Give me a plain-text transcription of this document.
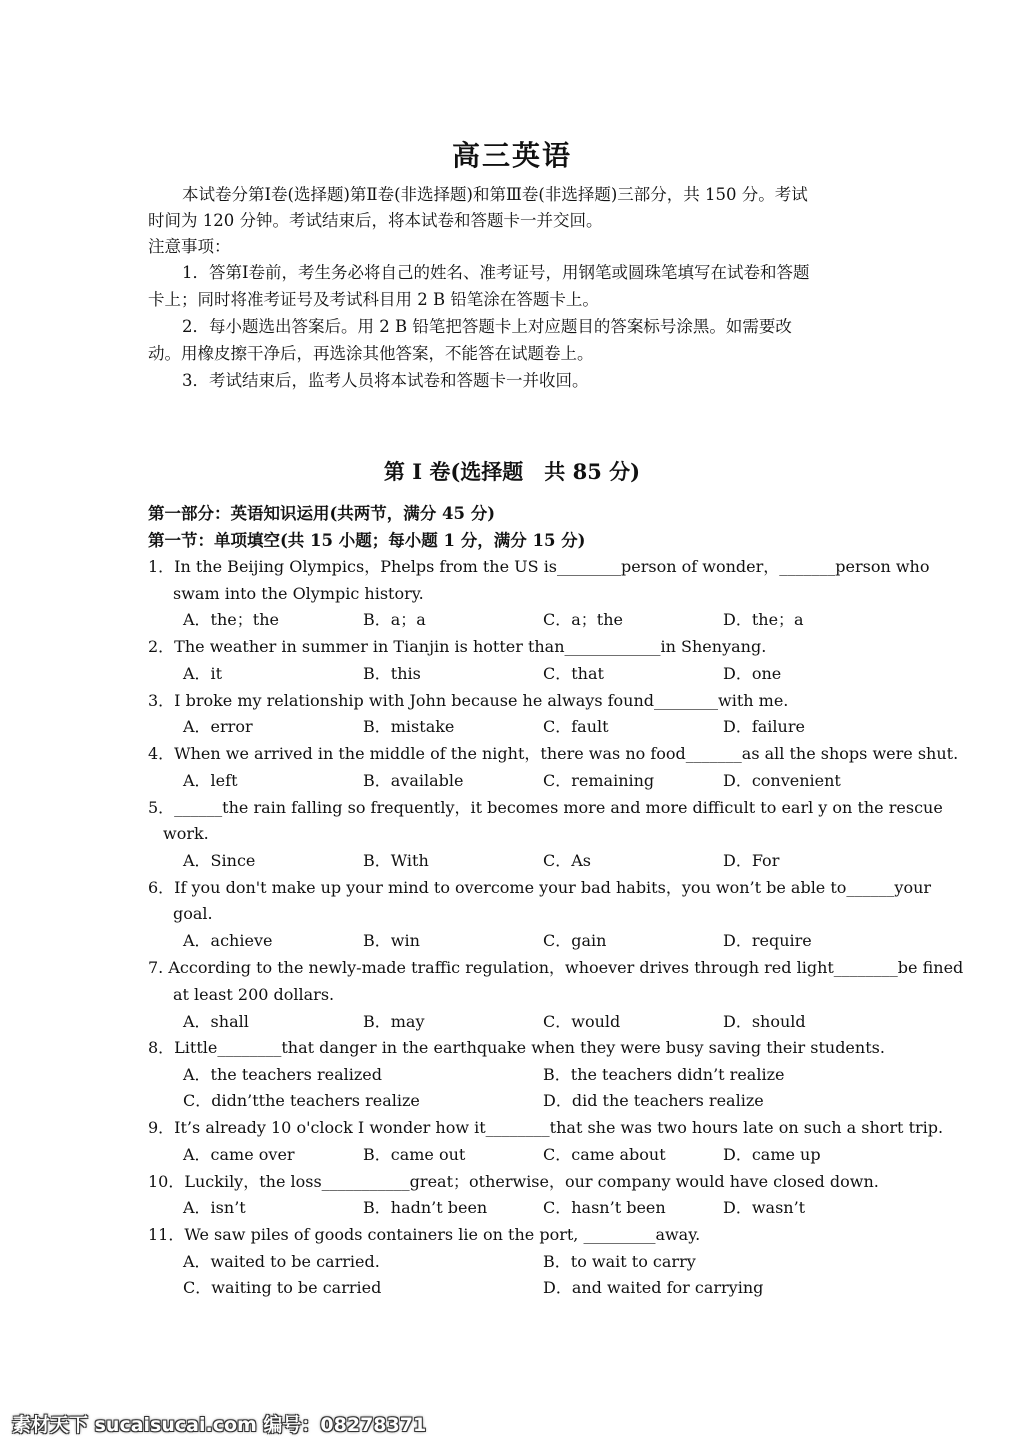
高三英语
本试卷分第Ⅰ卷(选择题)第Ⅱ卷(非选择题)和第Ⅲ卷(非选择题)三部分，共 150 分。考试
时间为 120 分钟。考试结束后，将本试卷和答题卡一并交回。
注意事项：
1．答第Ⅰ卷前，考生务必将自己的姓名、准考证号，用钢笔或圆珠笔填写在试卷和答题
卡上；同时将准考证号及考试科目用 2 B 铅笔涂在答题卡上。
2．每小题选出答案后。用 2 B 铅笔把答题卡上对应题目的答案标号涂黑。如需要改
动。用橡皮擦干净后，再选涂其他答案，不能答在试题卷上。
3．考试结束后，监考人员将本试卷和答题卡一并收回。
第 I 卷(选择题　共 85 分)
第一部分：英语知识运用(共两节，满分 45 分)
第一节：单项填空(共 15 小题；每小题 1 分，满分 15 分)
1．In the Beijing Olympics，Phelps from the US is________person of wonder，_______person who
swam into the Olympic history.
A．the；the	B．a；a	C．a；the	D．the；a
2．The weather in summer in Tianjin is hotter than____________in Shenyang.
A．it	B．this	C．that	D．one
3．I broke my relationship with John because he always found________with me.
A．error	B．mistake	C．fault	D．failure
4．When we arrived in the middle of the night，there was no food_______as all the shops were shut.
A．left	B．available	C．remaining	D．convenient
5．______the rain falling so frequently，it becomes more and more difficult to earl y on the rescue
work.
A．Since	B．With	C．As	D．For
6．If you don't make up your mind to overcome your bad habits，you won’t be able to______your
goal.
A．achieve	B．win	C．gain	D．require
7. According to the newly-made traffic regulation，whoever drives through red light________be fined
at least 200 dollars.
A．shall	B．may	C．would	D．should
8．Little________that danger in the earthquake when they were busy saving their students.
A．the teachers realized	B．the teachers didn’t realize
C．didn’tthe teachers realize	D．did the teachers realize
9．It’s already 10 o'clock I wonder how it________that she was two hours late on such a short trip.
A．came over	B．came out	C．came about	D．came up
10．Luckily，the loss___________great；otherwise，our company would have closed down.
A．isn’t	B．hadn’t been	C．hasn’t been	D．wasn’t
11．We saw piles of goods containers lie on the port, _________away.
A．waited to be carried.	B．to wait to carry
C．waiting to be carried	D．and waited for carrying
素材天下 sucaisucai.com 编号：08278371
